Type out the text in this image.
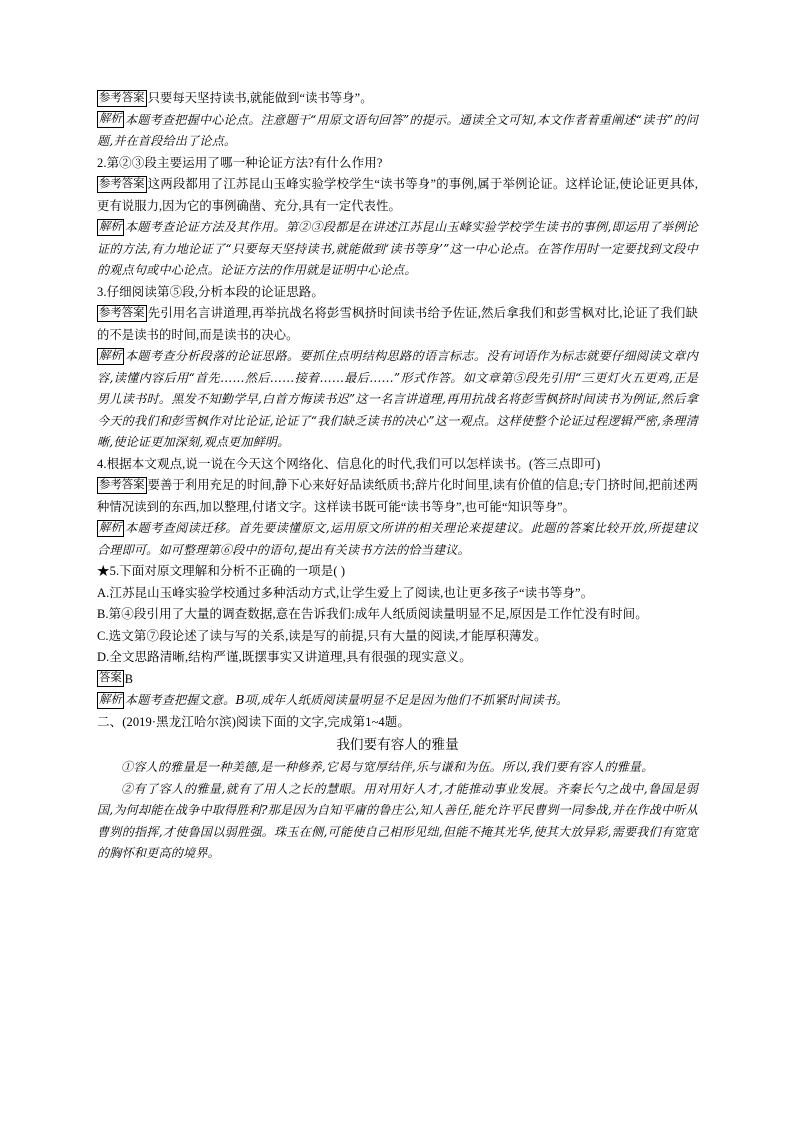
参考答案 只要每天坚持读书,就能做到“读书等身”。
解析 本题考查把握中心论点。注意题干“用原文语句回答”的提示。通读全文可知,本文作者着重阐述“读书”的问题,并在首段给出了论点。
2.第②③段主要运用了哪一种论证方法?有什么作用?
参考答案 这两段都用了江苏昆山玉峰实验学校学生“读书等身”的事例,属于举例论证。这样论证,使论证更具体,更有说服力,因为它的事例确凿、充分,具有一定代表性。
解析 本题考查论证方法及其作用。第②③段都是在讲述江苏昆山玉峰实验学校学生读书的事例,即运用了举例论证的方法,有力地论证了“只要每天坚持读书,就能做到‘读书等身’”这一中心论点。在答作用时一定要找到文段中的观点句或中心论点。论证方法的作用就是证明中心论点。
3.仔细阅读第⑤段,分析本段的论证思路。
参考答案 先引用名言讲道理,再举抗战名将彭雪枫挤时间读书给予佐证,然后拿我们和彭雪枫对比,论证了我们缺的不是读书的时间,而是读书的决心。
解析 本题考查分析段落的论证思路。要抓住点明结构思路的语言标志。没有词语作为标志就要仔细阅读文章内容,读懂内容后用“首先……然后……接着……最后……”形式作答。如文章第⑤段先引用“三更灯火五更鸡,正是男儿读书时。黑发不知勤学早,白首方悔读书迟”这一名言讲道理,再用抗战名将彭雪枫挤时间读书为例证,然后拿今天的我们和彭雪枫作对比论证,论证了“我们缺乏读书的决心”这一观点。这样使整个论证过程逻辑严密,条理清晰,使论证更加深刻,观点更加鲜明。
4.根据本文观点,说一说在今天这个网络化、信息化的时代,我们可以怎样读书。(答三点即可)
参考答案 要善于利用充足的时间,静下心来好好品读纸质书;辞片化时间里,读有价值的信息;专门挤时间,把前述两种情况读到的东西,加以整理,付诸文字。这样读书既可能“读书等身”,也可能“知识等身”。
解析 本题考查阅读迁移。首先要读懂原文,运用原文所讲的相关理论来提建议。此题的答案比较开放,所提建议合理即可。如可整理第⑥段中的语句,提出有关读书方法的恰当建议。
★5.下面对原文理解和分析不正确的一项是( )
A.江苏昆山玉峰实验学校通过多种活动方式,让学生爱上了阅读,也让更多孩子“读书等身”。
B.第④段引用了大量的调查数据,意在告诉我们:成年人纸质阅读量明显不足,原因是工作忙没有时间。
C.选文第⑦段论述了读与写的关系,读是写的前提,只有大量的阅读,才能厚积薄发。
D.全文思路清晰,结构严谨,既摆事实又讲道理,具有很强的现实意义。
答案 B
解析 本题考查把握文意。B项,成年人纸质阅读量明显不足是因为他们不抓紧时间读书。
二、(2019·黑龙江哈尔滨)阅读下面的文字,完成第1~4题。
我们要有容人的雅量
①容人的雅量是一种美德,是一种修养,它曷与宽厚结伴,乐与谦和为伍。所以,我们要有容人的雅量。
②有了容人的雅量,就有了用人之长的慧眼。用对用好人才,才能推动事业发展。齐秦长勺之战中,鲁国是弱国,为何却能在战争中取得胜利?那是因为自知平庸的鲁庄公,知人善任,能允许平民曹刿一同参战,并在作战中听从曹刿的指挥,才使鲁国以弱胜强。珠玉在侧,可能使自己相形见绌,但能不掩其光华,使其大放异彩,需要我们有宽宽的胸怀和更高的境界。
